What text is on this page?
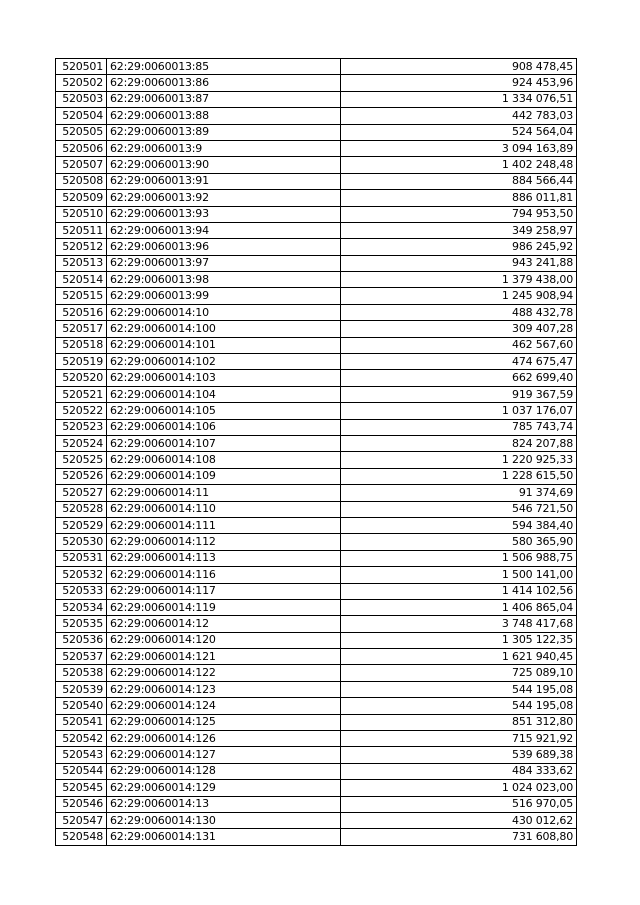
520501	62:29:0060013:85	908 478,45
520502	62:29:0060013:86	924 453,96
520503	62:29:0060013:87	1 334 076,51
520504	62:29:0060013:88	442 783,03
520505	62:29:0060013:89	524 564,04
520506	62:29:0060013:9	3 094 163,89
520507	62:29:0060013:90	1 402 248,48
520508	62:29:0060013:91	884 566,44
520509	62:29:0060013:92	886 011,81
520510	62:29:0060013:93	794 953,50
520511	62:29:0060013:94	349 258,97
520512	62:29:0060013:96	986 245,92
520513	62:29:0060013:97	943 241,88
520514	62:29:0060013:98	1 379 438,00
520515	62:29:0060013:99	1 245 908,94
520516	62:29:0060014:10	488 432,78
520517	62:29:0060014:100	309 407,28
520518	62:29:0060014:101	462 567,60
520519	62:29:0060014:102	474 675,47
520520	62:29:0060014:103	662 699,40
520521	62:29:0060014:104	919 367,59
520522	62:29:0060014:105	1 037 176,07
520523	62:29:0060014:106	785 743,74
520524	62:29:0060014:107	824 207,88
520525	62:29:0060014:108	1 220 925,33
520526	62:29:0060014:109	1 228 615,50
520527	62:29:0060014:11	91 374,69
520528	62:29:0060014:110	546 721,50
520529	62:29:0060014:111	594 384,40
520530	62:29:0060014:112	580 365,90
520531	62:29:0060014:113	1 506 988,75
520532	62:29:0060014:116	1 500 141,00
520533	62:29:0060014:117	1 414 102,56
520534	62:29:0060014:119	1 406 865,04
520535	62:29:0060014:12	3 748 417,68
520536	62:29:0060014:120	1 305 122,35
520537	62:29:0060014:121	1 621 940,45
520538	62:29:0060014:122	725 089,10
520539	62:29:0060014:123	544 195,08
520540	62:29:0060014:124	544 195,08
520541	62:29:0060014:125	851 312,80
520542	62:29:0060014:126	715 921,92
520543	62:29:0060014:127	539 689,38
520544	62:29:0060014:128	484 333,62
520545	62:29:0060014:129	1 024 023,00
520546	62:29:0060014:13	516 970,05
520547	62:29:0060014:130	430 012,62
520548	62:29:0060014:131	731 608,80
